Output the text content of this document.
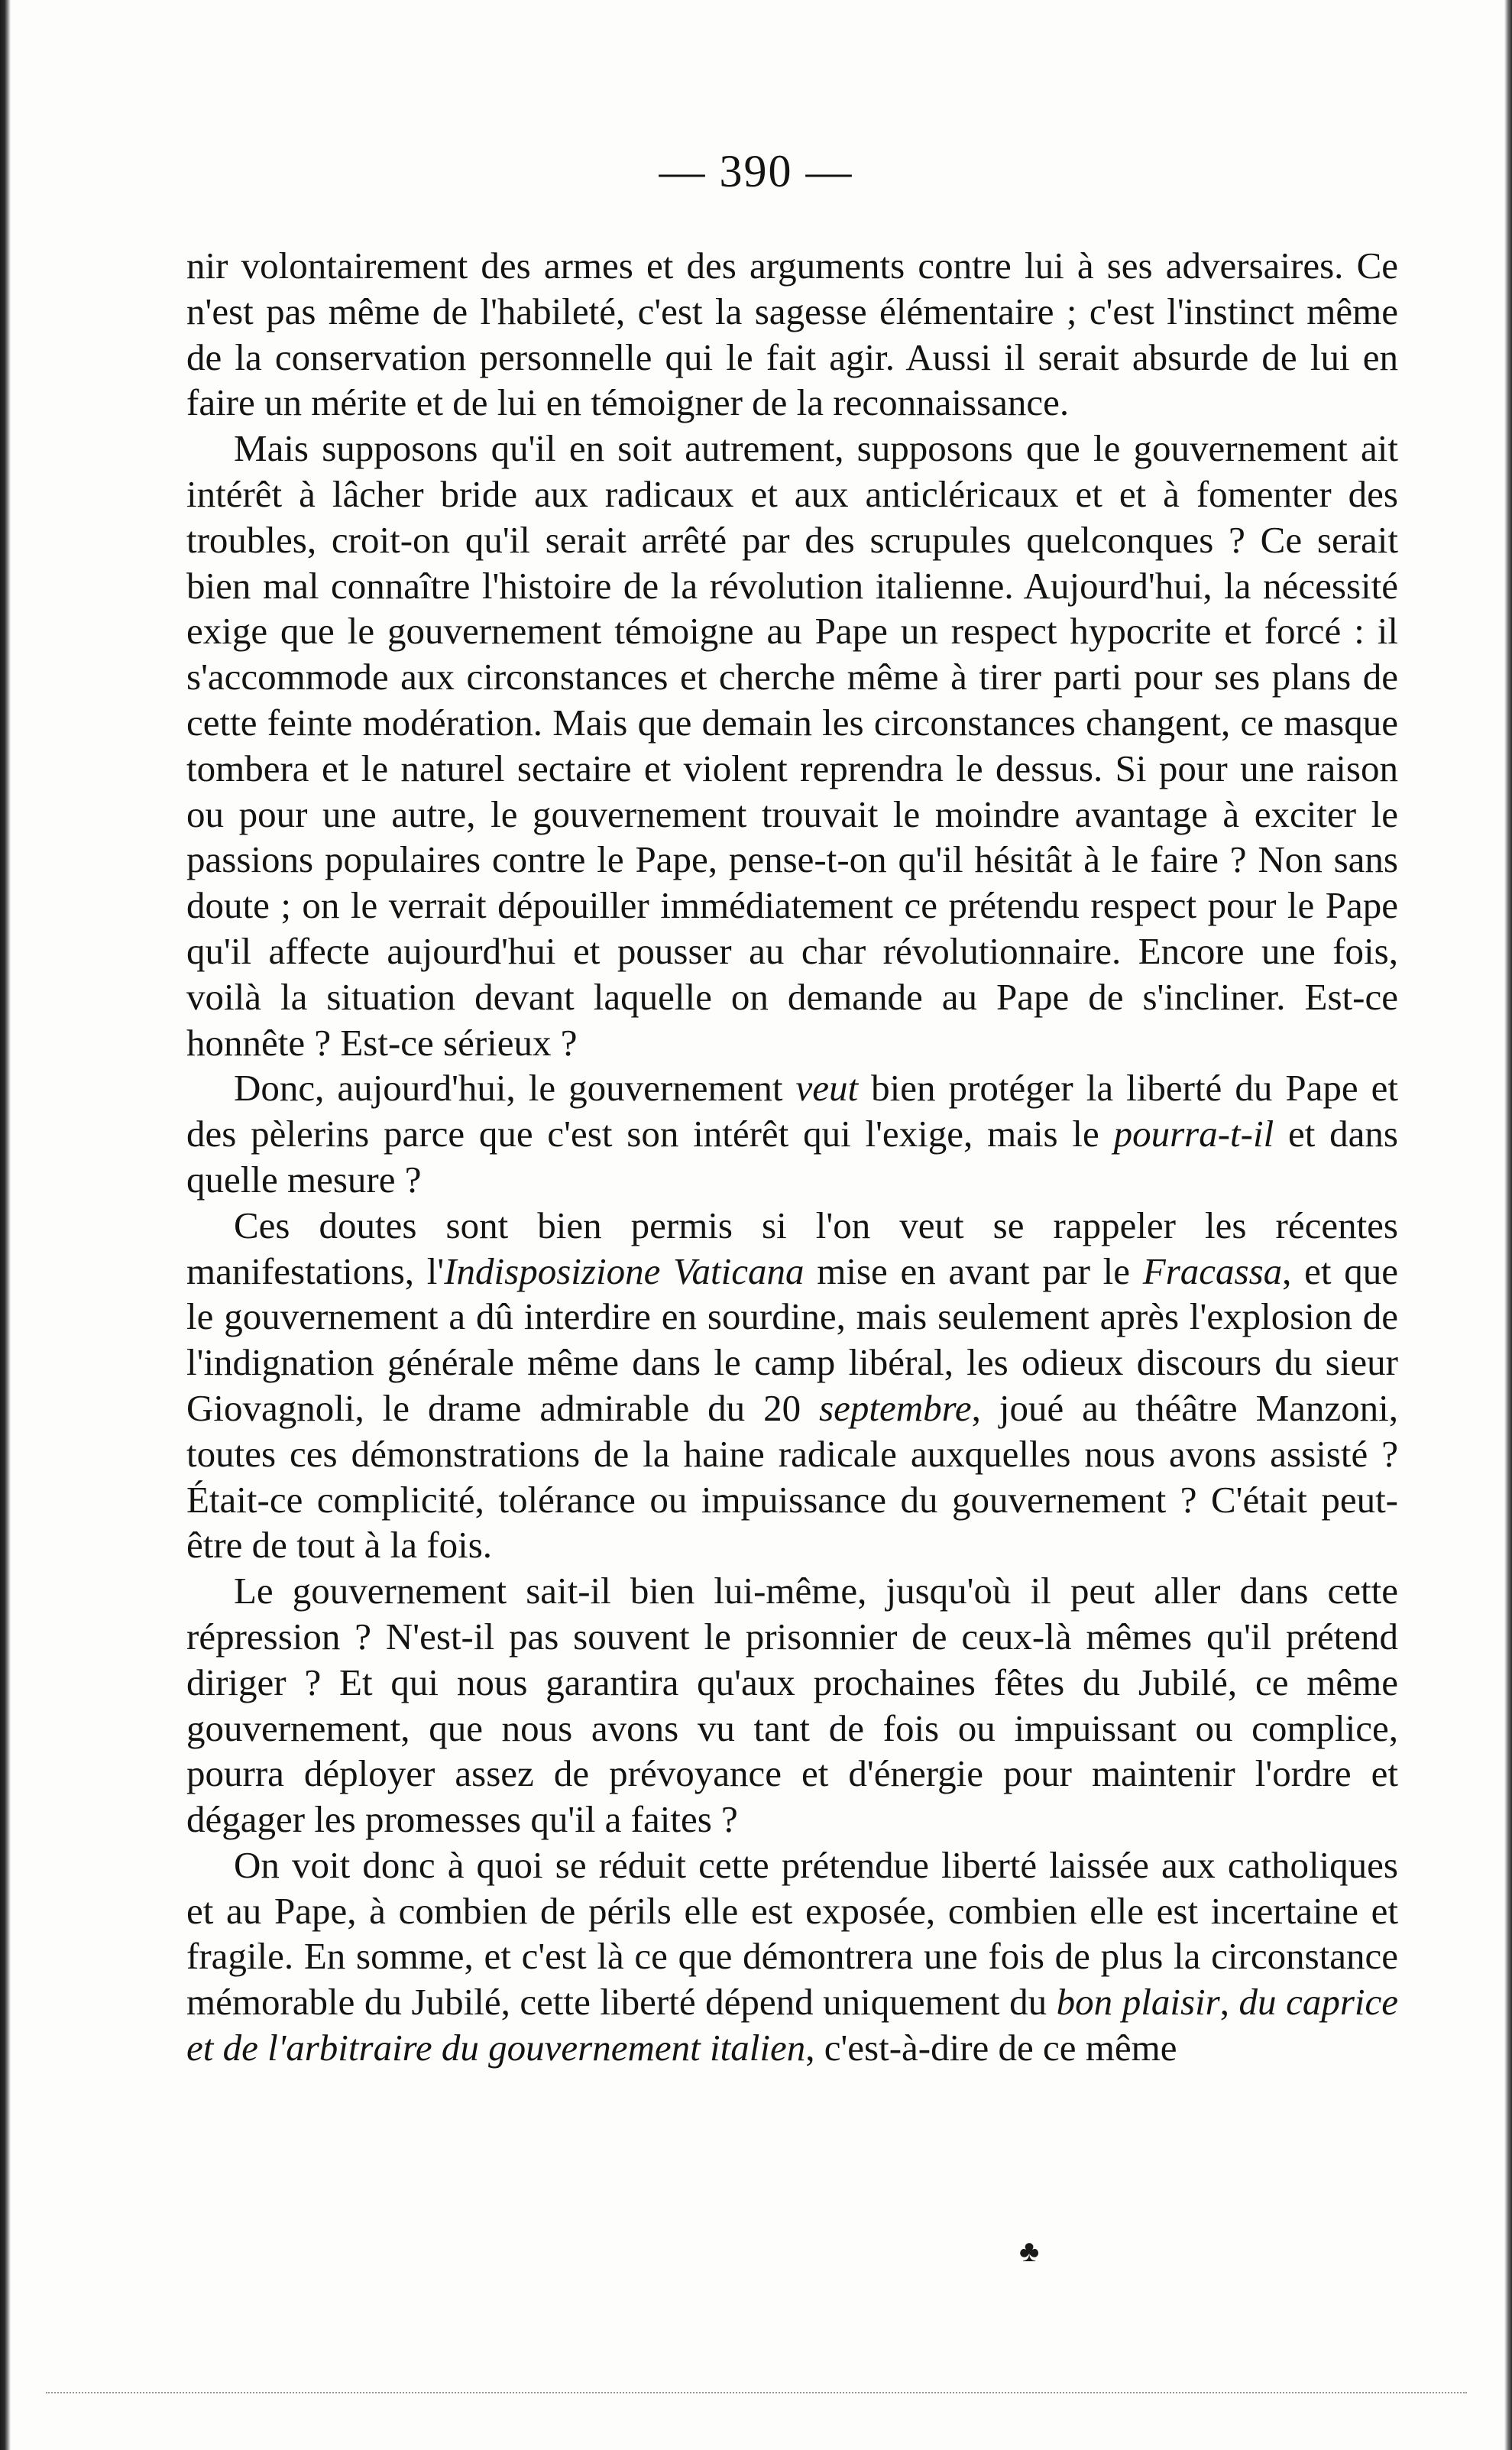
— 390 —

nir volontairement des armes et des arguments contre lui à ses adversaires. Ce n'est pas même de l'habileté, c'est la sagesse élémentaire ; c'est l'instinct même de la conservation personnelle qui le fait agir. Aussi il serait absurde de lui en faire un mérite et de lui en témoigner de la reconnaissance.

Mais supposons qu'il en soit autrement, supposons que le gouvernement ait intérêt à lâcher bride aux radicaux et aux anticléricaux et et à fomenter des troubles, croit-on qu'il serait arrêté par des scrupules quelconques ? Ce serait bien mal connaître l'histoire de la révolution italienne. Aujourd'hui, la nécessité exige que le gouvernement témoigne au Pape un respect hypocrite et forcé : il s'accommode aux circonstances et cherche même à tirer parti pour ses plans de cette feinte modération. Mais que demain les circonstances changent, ce masque tombera et le naturel sectaire et violent reprendra le dessus. Si pour une raison ou pour une autre, le gouvernement trouvait le moindre avantage à exciter le passions populaires contre le Pape, pense-t-on qu'il hésitât à le faire ? Non sans doute ; on le verrait dépouiller immédiatement ce prétendu respect pour le Pape qu'il affecte aujourd'hui et pousser au char révolutionnaire. Encore une fois, voilà la situation devant laquelle on demande au Pape de s'incliner. Est-ce honnête ? Est-ce sérieux ?

Donc, aujourd'hui, le gouvernement veut bien protéger la liberté du Pape et des pèlerins parce que c'est son intérêt qui l'exige, mais le pourra-t-il et dans quelle mesure ?

Ces doutes sont bien permis si l'on veut se rappeler les récentes manifestations, l'Indisposizione Vaticana mise en avant par le Fracassa, et que le gouvernement a dû interdire en sourdine, mais seulement après l'explosion de l'indignation générale même dans le camp libéral, les odieux discours du sieur Giovagnoli, le drame admirable du 20 septembre, joué au théâtre Manzoni, toutes ces démonstrations de la haine radicale auxquelles nous avons assisté ? Était-ce complicité, tolérance ou impuissance du gouvernement ? C'était peut-être de tout à la fois.

Le gouvernement sait-il bien lui-même, jusqu'où il peut aller dans cette répression ? N'est-il pas souvent le prisonnier de ceux-là mêmes qu'il prétend diriger ? Et qui nous garantira qu'aux prochaines fêtes du Jubilé, ce même gouvernement, que nous avons vu tant de fois ou impuissant ou complice, pourra déployer assez de prévoyance et d'énergie pour maintenir l'ordre et dégager les promesses qu'il a faites ?

On voit donc à quoi se réduit cette prétendue liberté laissée aux catholiques et au Pape, à combien de périls elle est exposée, combien elle est incertaine et fragile. En somme, et c'est là ce que démontrera une fois de plus la circonstance mémorable du Jubilé, cette liberté dépend uniquement du bon plaisir, du caprice et de l'arbitraire du gouvernement italien, c'est-à-dire de ce même

♣
